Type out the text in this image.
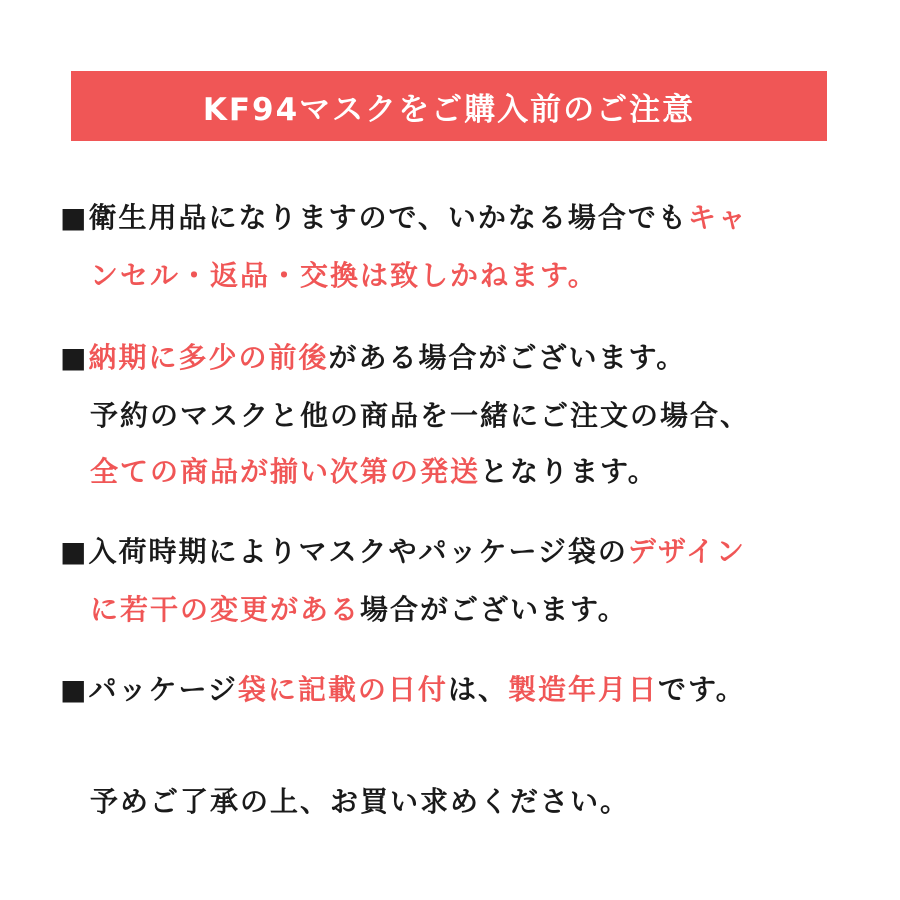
KF94マスクをご購入前のご注意
■衛生用品になりますので、いかなる場合でもキャ
ンセル・返品・交換は致しかねます。
■納期に多少の前後がある場合がございます。
予約のマスクと他の商品を一緒にご注文の場合、
全ての商品が揃い次第の発送となります。
■入荷時期によりマスクやパッケージ袋のデザイン
に若干の変更がある場合がございます。
■パッケージ袋に記載の日付は、製造年月日です。
予めご了承の上、お買い求めください。
